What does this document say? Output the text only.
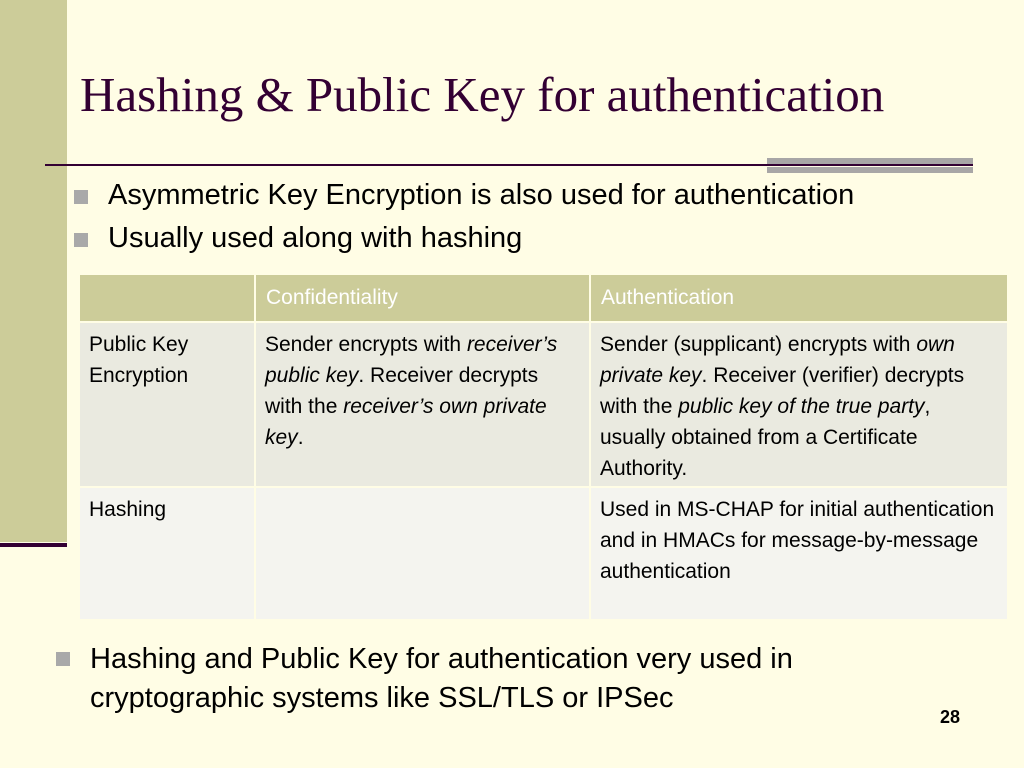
Hashing & Public Key for authentication
Asymmetric Key Encryption is also used for authentication
Usually used along with hashing
	Confidentiality	Authentication
Public Key Encryption	Sender encrypts with receiver’s public key. Receiver decrypts with the receiver’s own private key.	Sender (supplicant) encrypts with own private key. Receiver (verifier) decrypts with the public key of the true party, usually obtained from a Certificate Authority.
Hashing		Used in MS-CHAP for initial authentication and in HMACs for message-by-message authentication
Hashing and Public Key for authentication very used in cryptographic systems like SSL/TLS or IPSec
28
